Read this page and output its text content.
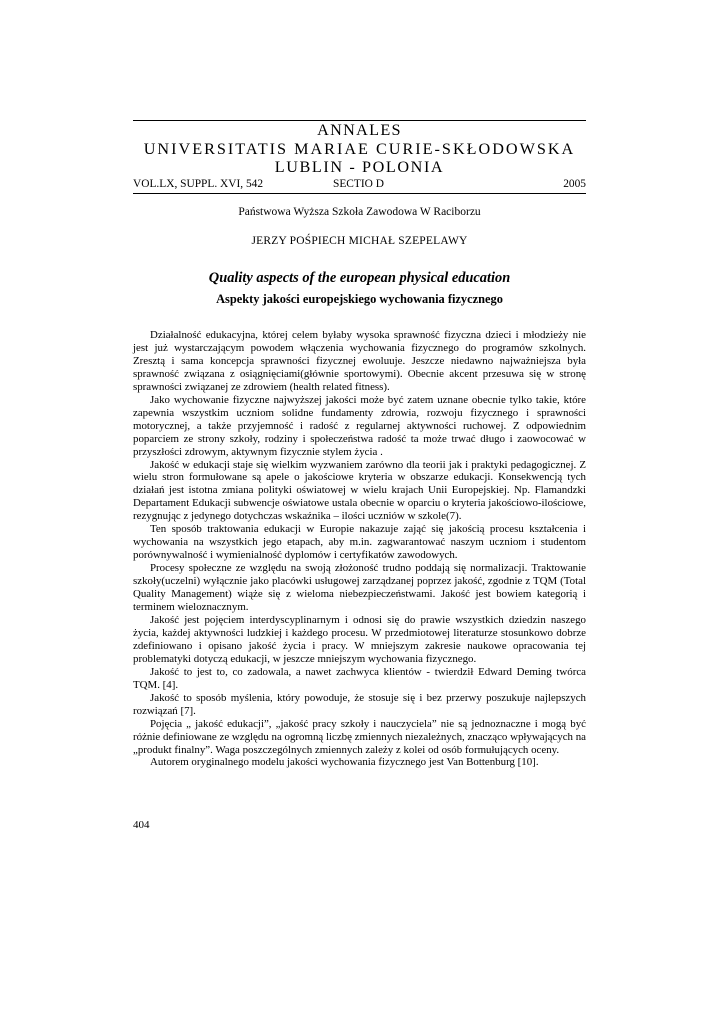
ANNALES
UNIVERSITATIS MARIAE CURIE-SKŁODOWSKA
LUBLIN - POLONIA
VOL.LX, SUPPL. XVI, 542	SECTIO D	2005
Państwowa Wyższa Szkoła Zawodowa W Raciborzu
JERZY POŚPIECH MICHAŁ SZEPELAWY
Quality aspects of the european physical education
Aspekty jakości europejskiego wychowania fizycznego

Działalność edukacyjna, której celem byłaby wysoka sprawność fizyczna dzieci i młodzieży nie jest już wystarczającym powodem włączenia wychowania fizycznego do programów szkolnych. Zresztą i sama koncepcja sprawności fizycznej ewoluuje. Jeszcze niedawno najważniejsza była sprawność związana z osiągnięciami(głównie sportowymi). Obecnie akcent przesuwa się w stronę sprawności związanej ze zdrowiem (health related fitness).

Jako wychowanie fizyczne najwyższej jakości może być zatem uznane obecnie tylko takie, które zapewnia wszystkim uczniom solidne fundamenty zdrowia, rozwoju fizycznego i sprawności motorycznej, a także przyjemność i radość z regularnej aktywności ruchowej. Z odpowiednim poparciem ze strony szkoły, rodziny i społeczeństwa radość ta może trwać długo i zaowocować w przyszłości zdrowym, aktywnym fizycznie stylem życia .

Jakość w edukacji staje się wielkim wyzwaniem zarówno dla teorii jak i praktyki pedagogicznej. Z wielu stron formułowane są apele o jakościowe kryteria w obszarze edukacji. Konsekwencją tych działań jest istotna zmiana polityki oświatowej w wielu krajach Unii Europejskiej. Np. Flamandzki Departament Edukacji subwencje oświatowe ustala obecnie w oparciu o kryteria jakościowo-ilościowe, rezygnując z jedynego dotychczas wskaźnika – ilości uczniów w szkole(7).

Ten sposób traktowania edukacji w Europie nakazuje zająć się jakością procesu kształcenia i wychowania na wszystkich jego etapach, aby m.in. zagwarantować naszym uczniom i studentom porównywalność i wymienialność dyplomów i certyfikatów zawodowych.

Procesy społeczne ze względu na swoją złożoność trudno poddają się normalizacji. Traktowanie szkoły(uczelni) wyłącznie jako placówki usługowej zarządzanej poprzez jakość, zgodnie z TQM (Total Quality Management) wiąże się z wieloma niebezpieczeństwami. Jakość jest bowiem kategorią i terminem wieloznacznym.

Jakość jest pojęciem interdyscyplinarnym i odnosi się do prawie wszystkich dziedzin naszego życia, każdej aktywności ludzkiej i każdego procesu. W przedmiotowej literaturze stosunkowo dobrze zdefiniowano i opisano jakość życia i pracy. W mniejszym zakresie naukowe opracowania tej problematyki dotyczą edukacji, w jeszcze mniejszym wychowania fizycznego.

Jakość to jest to, co zadowala, a nawet zachwyca klientów - twierdził Edward Deming twórca TQM. [4].

Jakość to sposób myślenia, który powoduje, że stosuje się i bez przerwy poszukuje najlepszych rozwiązań [7].

Pojęcia „ jakość edukacji”, „jakość pracy szkoły i nauczyciela” nie są jednoznaczne i mogą być różnie definiowane ze względu na ogromną liczbę zmiennych niezależnych, znacząco wpływających na „produkt finalny”. Waga poszczególnych zmiennych zależy z kolei od osób formułujących oceny.

Autorem oryginalnego modelu jakości wychowania fizycznego jest Van Bottenburg [10].

404
